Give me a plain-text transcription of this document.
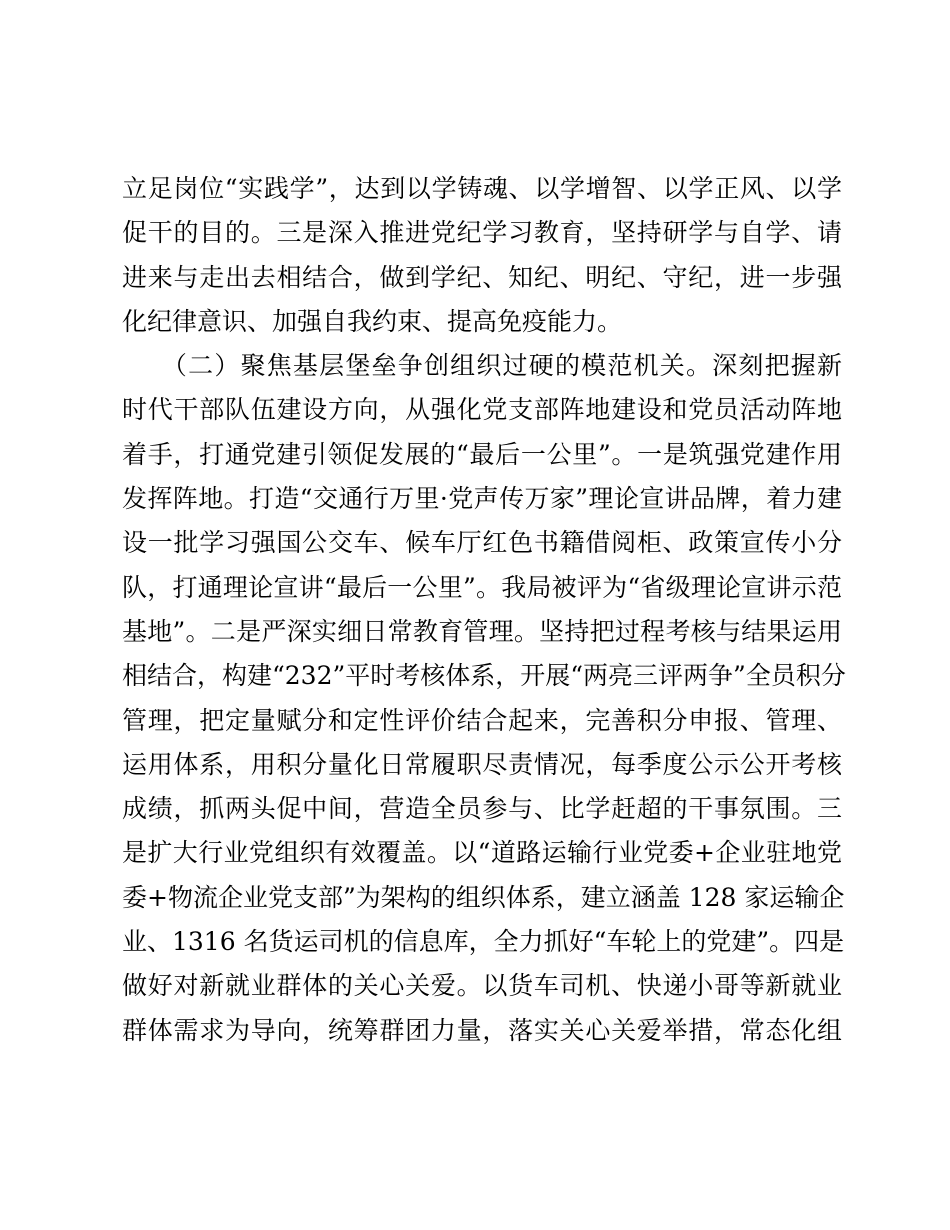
立足岗位“实践学”，达到以学铸魂、以学增智、以学正风、以学
促干的目的。三是深入推进党纪学习教育，坚持研学与自学、请
进来与走出去相结合，做到学纪、知纪、明纪、守纪，进一步强
化纪律意识、加强自我约束、提高免疫能力。
　　（二）聚焦基层堡垒争创组织过硬的模范机关。深刻把握新
时代干部队伍建设方向，从强化党支部阵地建设和党员活动阵地
着手，打通党建引领促发展的“最后一公里”。一是筑强党建作用
发挥阵地。打造“交通行万里·党声传万家”理论宣讲品牌，着力建
设一批学习强国公交车、候车厅红色书籍借阅柜、政策宣传小分
队，打通理论宣讲“最后一公里”。我局被评为“省级理论宣讲示范
基地”。二是严深实细日常教育管理。坚持把过程考核与结果运用
相结合，构建“232”平时考核体系，开展“两亮三评两争”全员积分
管理，把定量赋分和定性评价结合起来，完善积分申报、管理、
运用体系，用积分量化日常履职尽责情况，每季度公示公开考核
成绩，抓两头促中间，营造全员参与、比学赶超的干事氛围。三
是扩大行业党组织有效覆盖。以“道路运输行业党委+企业驻地党
委+物流企业党支部”为架构的组织体系，建立涵盖 128 家运输企
业、1316 名货运司机的信息库，全力抓好“车轮上的党建”。四是
做好对新就业群体的关心关爱。以货车司机、快递小哥等新就业
群体需求为导向，统筹群团力量，落实关心关爱举措，常态化组
